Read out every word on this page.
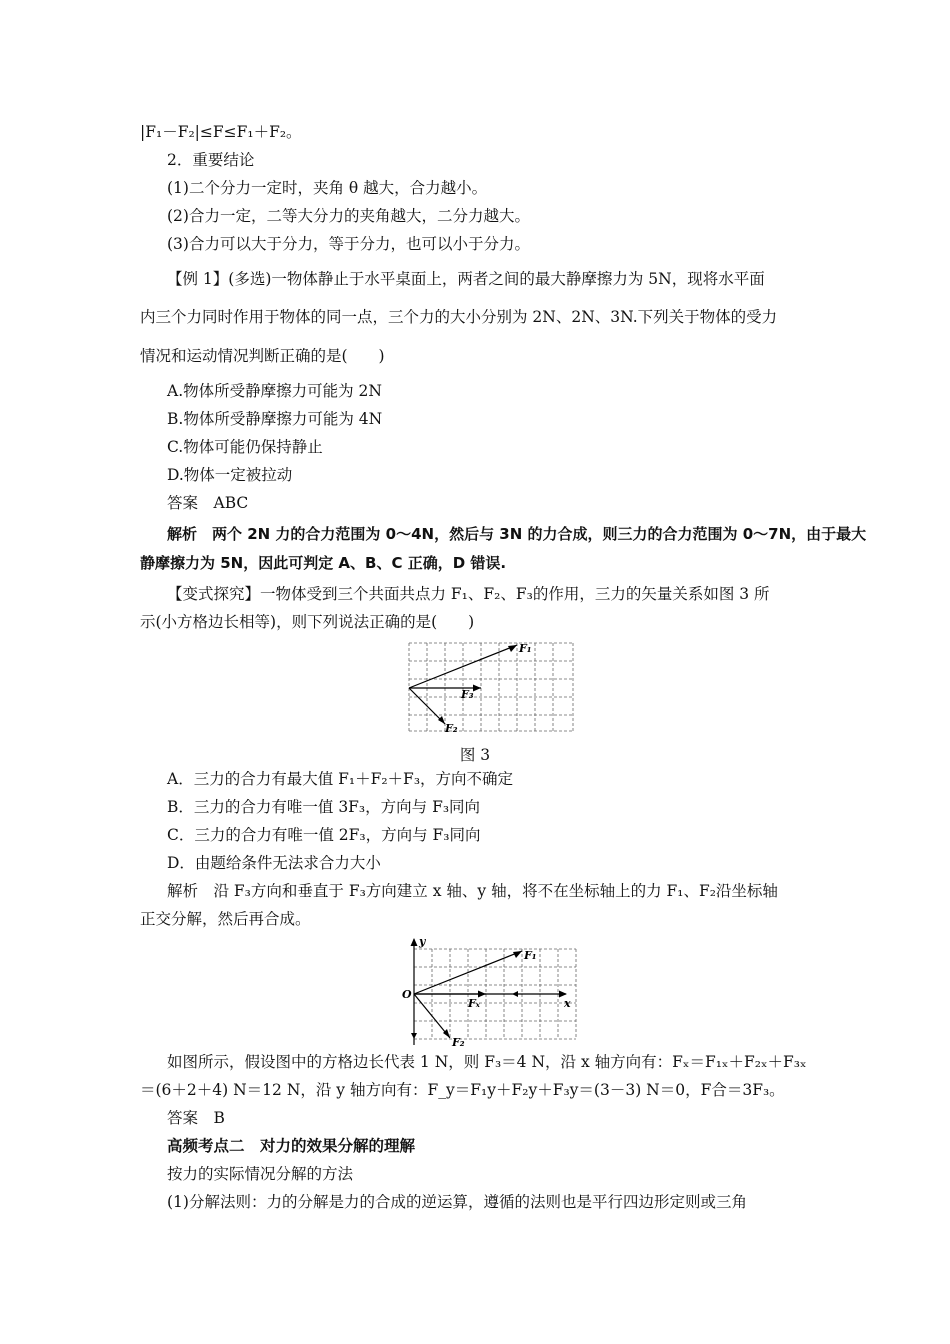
|F₁－F₂|≤F≤F₁＋F₂。
2．重要结论
(1)二个分力一定时，夹角 θ 越大，合力越小。
(2)合力一定，二等大分力的夹角越大，二分力越大。
(3)合力可以大于分力，等于分力，也可以小于分力。
【例 1】(多选)一物体静止于水平桌面上，两者之间的最大静摩擦力为 5N，现将水平面
内三个力同时作用于物体的同一点，三个力的大小分别为 2N、2N、3N.下列关于物体的受力
情况和运动情况判断正确的是(　　)
A.物体所受静摩擦力可能为 2N
B.物体所受静摩擦力可能为 4N
C.物体可能仍保持静止
D.物体一定被拉动
答案　ABC
解析　两个 2N 力的合力范围为 0～4N，然后与 3N 的力合成，则三力的合力范围为 0～7N，由于最大
静摩擦力为 5N，因此可判定 A、B、C 正确，D 错误.
【变式探究】一物体受到三个共面共点力 F₁、F₂、F₃的作用，三力的矢量关系如图 3 所
示(小方格边长相等)，则下列说法正确的是(　　)
F₁
F₃
F₂
图 3
A．三力的合力有最大值 F₁＋F₂＋F₃，方向不确定
B．三力的合力有唯一值 3F₃，方向与 F₃同向
C．三力的合力有唯一值 2F₃，方向与 F₃同向
D．由题给条件无法求合力大小
解析　沿 F₃方向和垂直于 F₃方向建立 x 轴、y 轴，将不在坐标轴上的力 F₁、F₂沿坐标轴
正交分解，然后再合成。
y
x
F₁
Fₓ
F₂
O
如图所示，假设图中的方格边长代表 1 N，则 F₃＝4 N，沿 x 轴方向有：Fₓ＝F₁ₓ＋F₂ₓ＋F₃ₓ
＝(6＋2＋4) N＝12 N，沿 y 轴方向有：F_y＝F₁y＋F₂y＋F₃y＝(3－3) N＝0，F合＝3F₃。
答案　B
高频考点二　对力的效果分解的理解
按力的实际情况分解的方法
(1)分解法则：力的分解是力的合成的逆运算，遵循的法则也是平行四边形定则或三角
